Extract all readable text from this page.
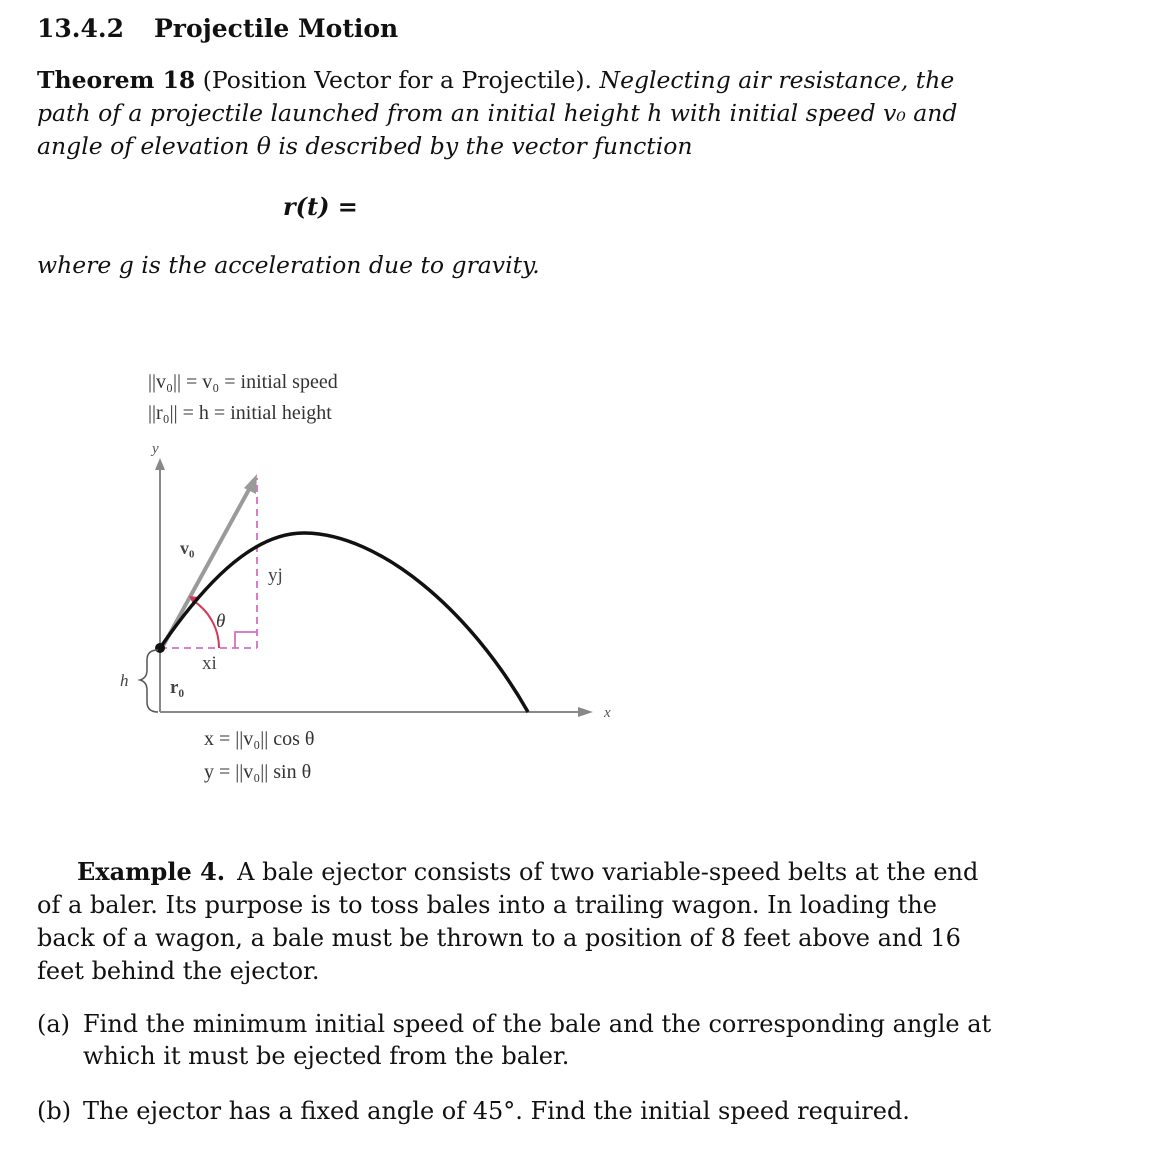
13.4.2 Projectile Motion
Theorem 18 (Position Vector for a Projectile). Neglecting air resistance, the path of a projectile launched from an initial height h with initial speed v₀ and angle of elevation θ is described by the vector function
r(t) =
where g is the acceleration due to gravity.
||v₀|| = v₀ = initial speed
||r₀|| = h = initial height
y
x
v₀
yj
θ
xi
h r₀
x = ||v₀|| cos θ
y = ||v₀|| sin θ
Example 4. A bale ejector consists of two variable-speed belts at the end of a baler. Its purpose is to toss bales into a trailing wagon. In loading the back of a wagon, a bale must be thrown to a position of 8 feet above and 16 feet behind the ejector.
(a) Find the minimum initial speed of the bale and the corresponding angle at which it must be ejected from the baler.
(b) The ejector has a fixed angle of 45°. Find the initial speed required.
